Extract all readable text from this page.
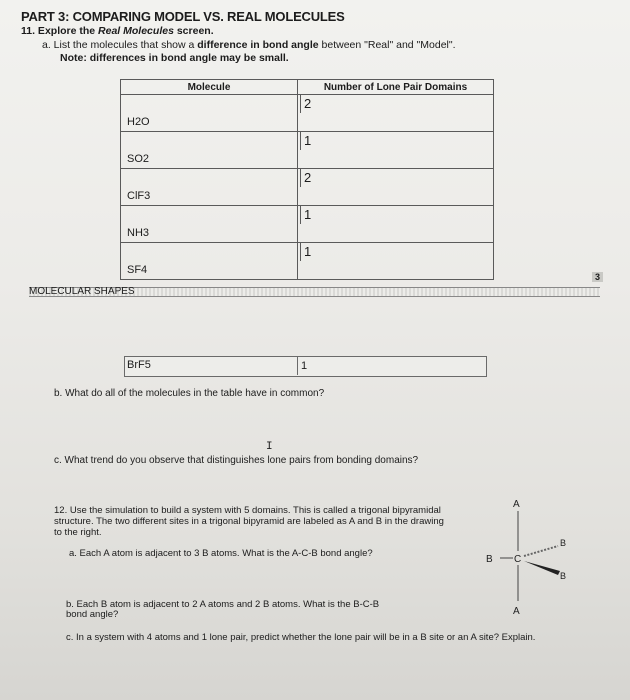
PART 3: COMPARING MODEL VS. REAL MOLECULES
11. Explore the Real Molecules screen.
a. List the molecules that show a difference in bond angle between "Real" and "Model".
Note: differences in bond angle may be small.
Molecule	Number of Lone Pair Domains
H2O	2
SO2	1
ClF3	2
NH3	1
SF4	1
MOLECULAR SHAPES
3
BrF5	1
b. What do all of the molecules in the table have in common?
I
c. What trend do you observe that distinguishes lone pairs from bonding domains?
12. Use the simulation to build a system with 5 domains. This is called a trigonal bipyramidal structure. The two different sites in a trigonal bipyramid are labeled as A and B in the drawing to the right.
a. Each A atom is adjacent to 3 B atoms. What is the A-C-B bond angle?
b. Each B atom is adjacent to 2 A atoms and 2 B atoms. What is the B-C-B bond angle?
c. In a system with 4 atoms and 1 lone pair, predict whether the lone pair will be in a B site or an A site? Explain.
A
C
A
B
B
B
